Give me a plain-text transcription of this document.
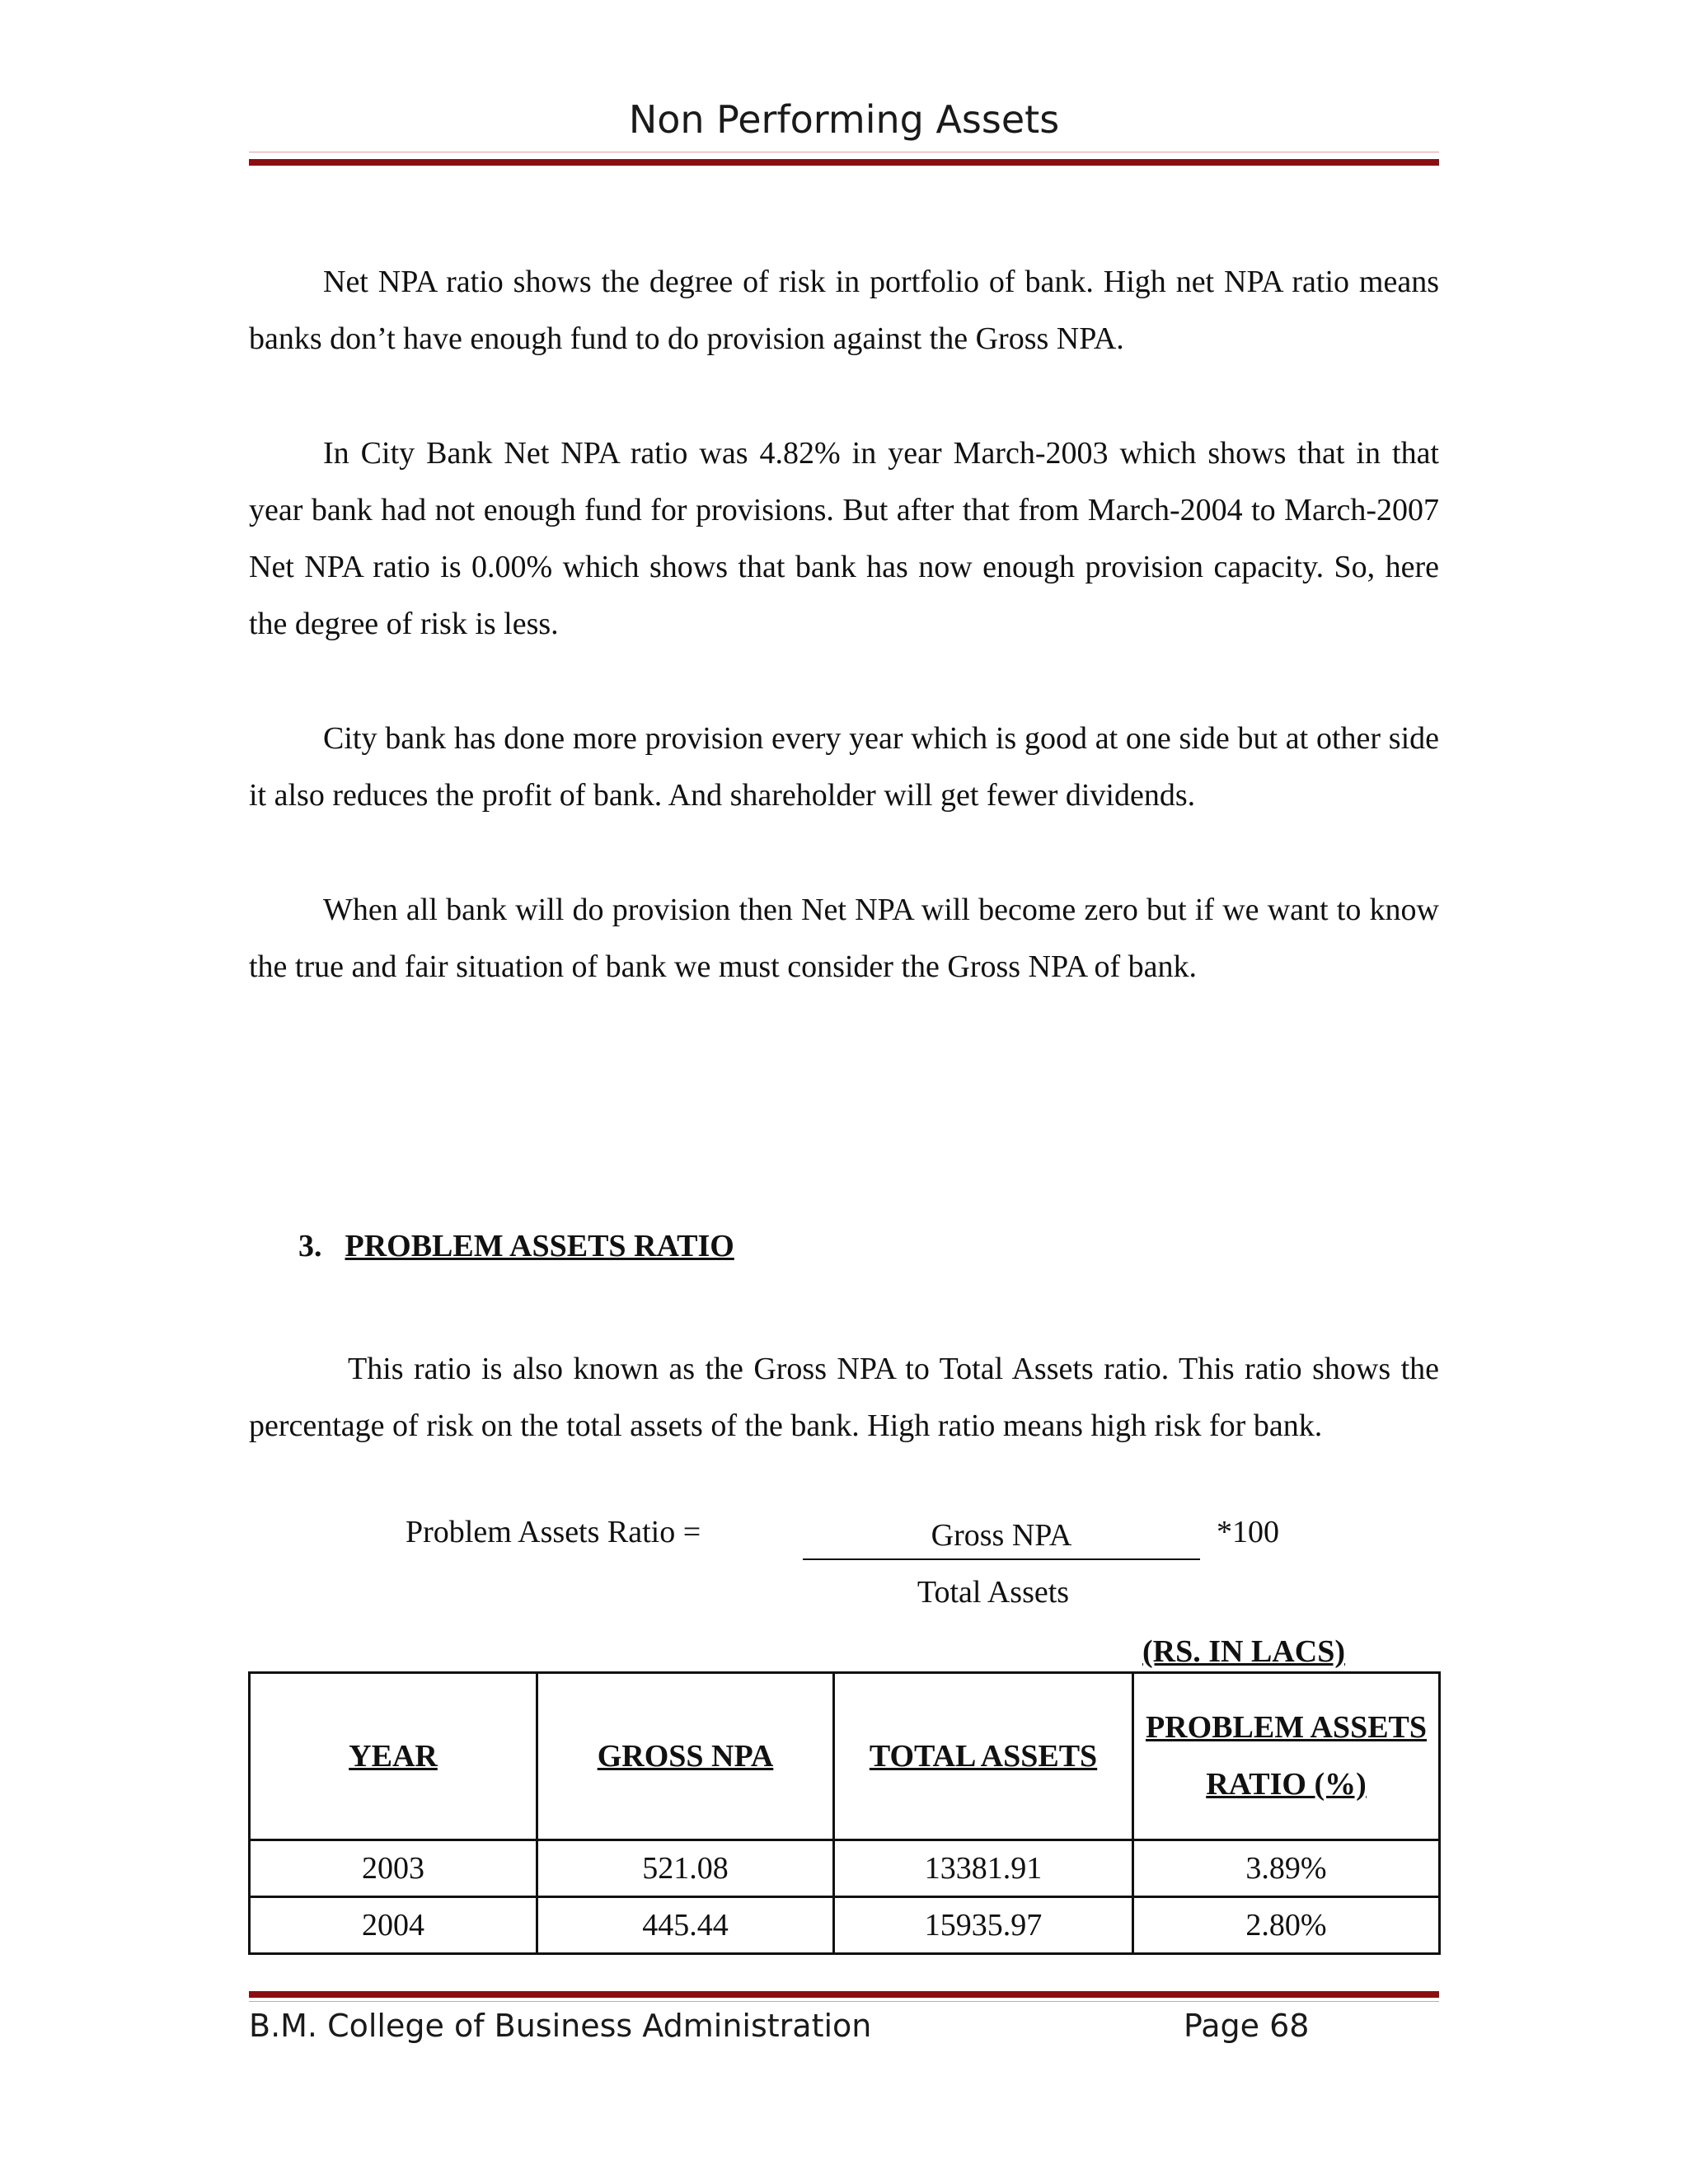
Non Performing Assets

Net NPA ratio shows the degree of risk in portfolio of bank. High net NPA ratio means banks don’t have enough fund to do provision against the Gross NPA.

In City Bank Net NPA ratio was 4.82% in year March-2003 which shows that in that year bank had not enough fund for provisions. But after that from March-2004 to March-2007 Net NPA ratio is 0.00% which shows that bank has now enough provision capacity. So, here the degree of risk is less.

City bank has done more provision every year which is good at one side but at other side it also reduces the profit of bank. And shareholder will get fewer dividends.

When all bank will do provision then Net NPA will become zero but if we want to know the true and fair situation of bank we must consider the Gross NPA of bank.

3. PROBLEM ASSETS RATIO

This ratio is also known as the Gross NPA to Total Assets ratio. This ratio shows the percentage of risk on the total assets of the bank. High ratio means high risk for bank.

Problem Assets Ratio =	Gross NPA	*100
Total Assets
(RS. IN LACS)
YEAR	GROSS NPA	TOTAL ASSETS	PROBLEM ASSETS RATIO (%)
2003	521.08	13381.91	3.89%
2004	445.44	15935.97	2.80%
B.M. College of Business Administration	Page 68
